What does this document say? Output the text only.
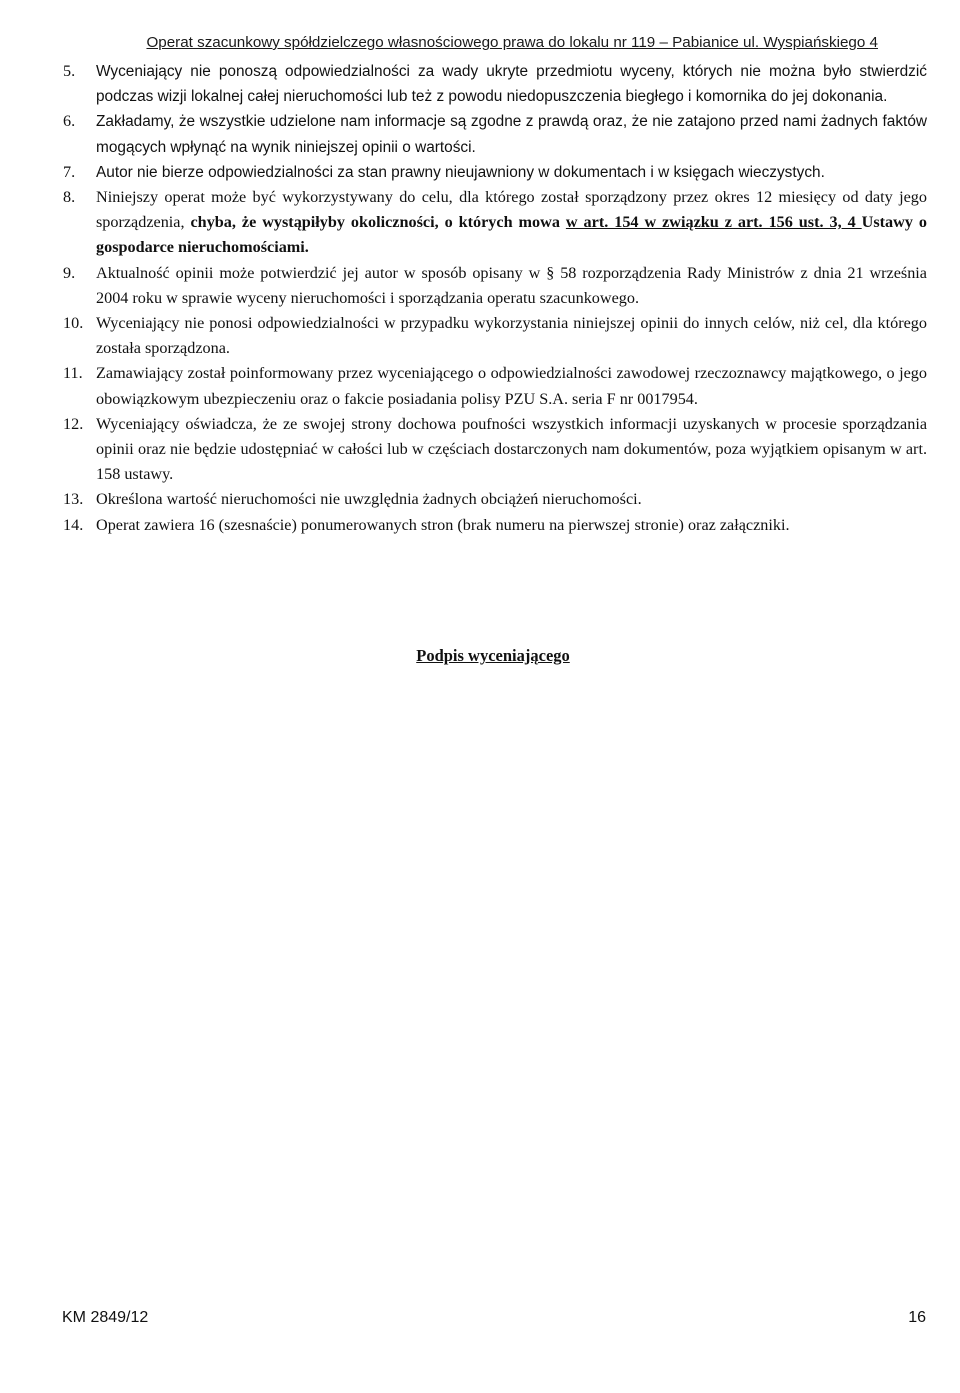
Operat szacunkowy spółdzielczego własnościowego prawa do lokalu nr 119 – Pabianice ul. Wyspiańskiego 4
5.	Wyceniający nie ponoszą odpowiedzialności za wady ukryte przedmiotu wyceny, których nie można było stwierdzić podczas wizji lokalnej całej nieruchomości lub też z powodu niedopuszczenia biegłego i komornika do jej dokonania.
6.	Zakładamy, że wszystkie udzielone nam informacje są zgodne z prawdą oraz, że nie zatajono przed nami żadnych faktów mogących wpłynąć na wynik niniejszej opinii o wartości.
7.	Autor nie bierze odpowiedzialności za stan prawny nieujawniony w dokumentach i w księgach wieczystych.
8.	Niniejszy operat może być wykorzystywany do celu, dla którego został sporządzony przez okres 12 miesięcy od daty jego sporządzenia, chyba, że wystąpiłyby okoliczności, o których mowa w art. 154 w związku z art. 156 ust. 3, 4 Ustawy o gospodarce nieruchomościami.
9.	Aktualność opinii może potwierdzić jej autor w sposób opisany w § 58 rozporządzenia Rady Ministrów z dnia 21 września 2004 roku w sprawie wyceny nieruchomości i sporządzania operatu szacunkowego.
10. Wyceniający nie ponosi odpowiedzialności w przypadku wykorzystania niniejszej opinii do innych celów, niż cel, dla którego została sporządzona.
11. Zamawiający został poinformowany przez wyceniającego o odpowiedzialności zawodowej rzeczoznawcy majątkowego, o jego obowiązkowym ubezpieczeniu oraz o fakcie posiadania polisy PZU S.A. seria F nr 0017954.
12. Wyceniający oświadcza, że ze swojej strony dochowa poufności wszystkich informacji uzyskanych w procesie sporządzania opinii oraz nie będzie udostępniać w całości lub w częściach dostarczonych nam dokumentów, poza wyjątkiem opisanym w art. 158 ustawy.
13. Określona wartość nieruchomości nie uwzględnia żadnych obciążeń nieruchomości.
14. Operat zawiera 16 (szesnaście) ponumerowanych stron (brak numeru na pierwszej stronie) oraz załączniki.
Podpis wyceniającego
KM 2849/12	16
